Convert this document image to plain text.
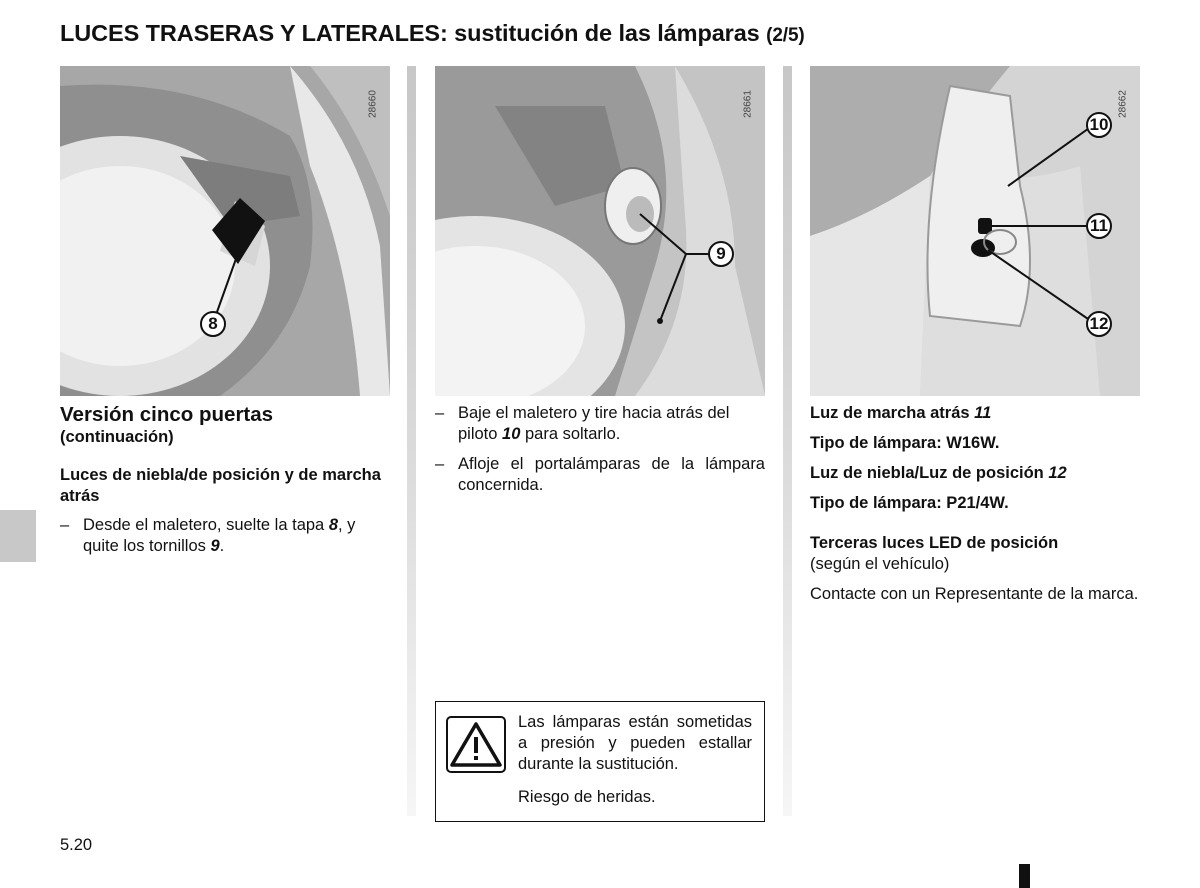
LUCES TRASERAS Y LATERALES: sustitución de las lámparas (2/5)
28660
8
28661
9
28662
10
11
12
Versión cinco puertas
(continuación)
Luces de niebla/de posición y de marcha atrás
– Desde el maletero, suelte la tapa 8, y quite los tornillos 9.
– Baje el maletero y tire hacia atrás del piloto 10 para soltarlo.
– Afloje el portalámparas de la lámpara concernida.
Las lámparas están sometidas a presión y pueden estallar durante la sustitución.
Riesgo de heridas.
Luz de marcha atrás 11
Tipo de lámpara: W16W.
Luz de niebla/Luz de posición 12
Tipo de lámpara: P21/4W.
Terceras luces LED de posición
(según el vehículo)
Contacte con un Representante de la marca.
5.20
